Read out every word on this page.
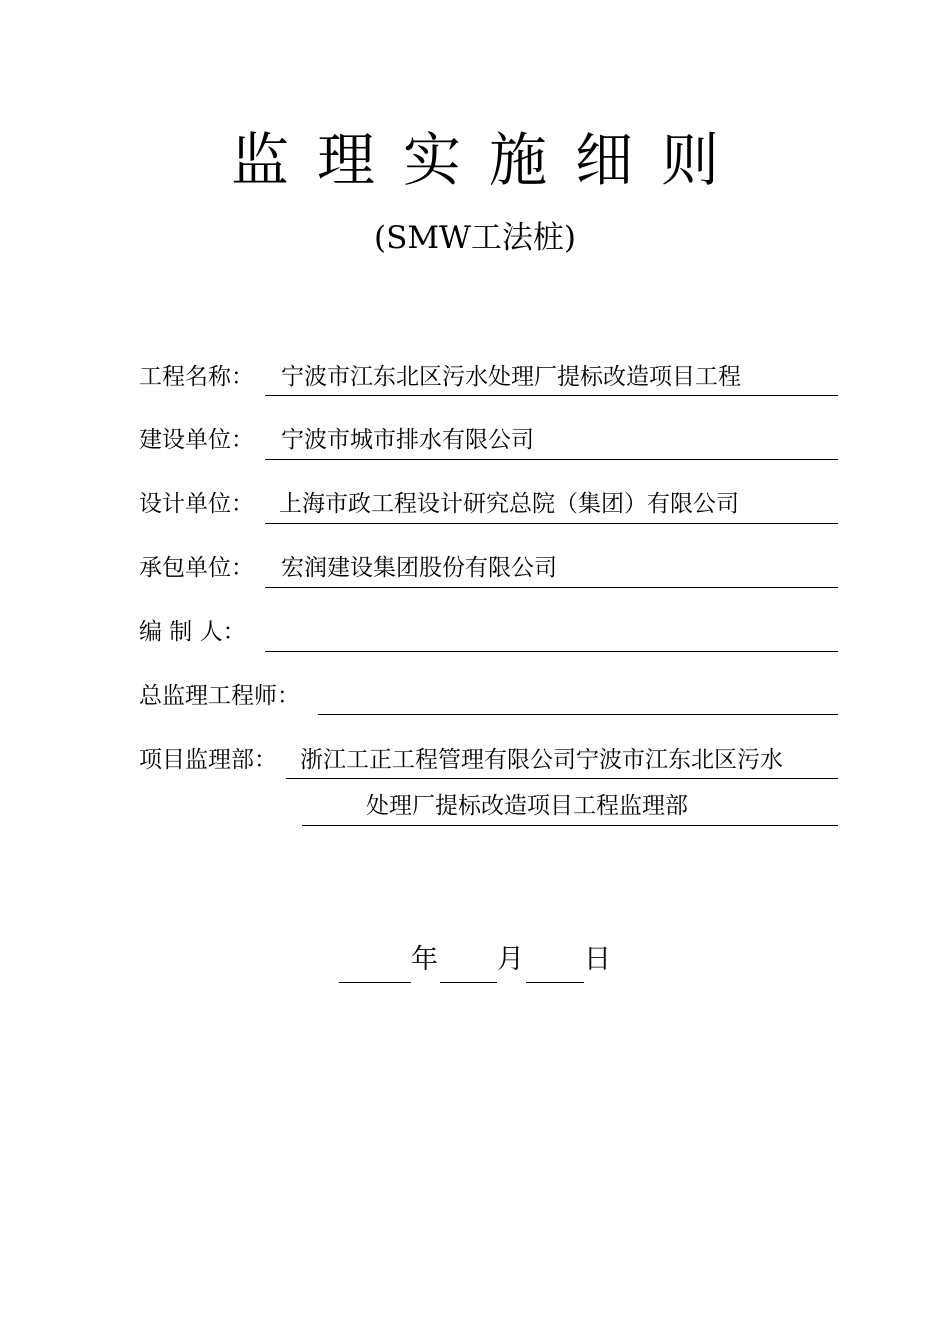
监理实施细则
(SMW工法桩)
工程名称： 宁波市江东北区污水处理厂提标改造项目工程
建设单位： 宁波市城市排水有限公司
设计单位： 上海市政工程设计研究总院（集团）有限公司
承包单位： 宏润建设集团股份有限公司
编 制 人：
总监理工程师：
项目监理部： 浙江工正工程管理有限公司宁波市江东北区污水
处理厂提标改造项目工程监理部
年 月 日
